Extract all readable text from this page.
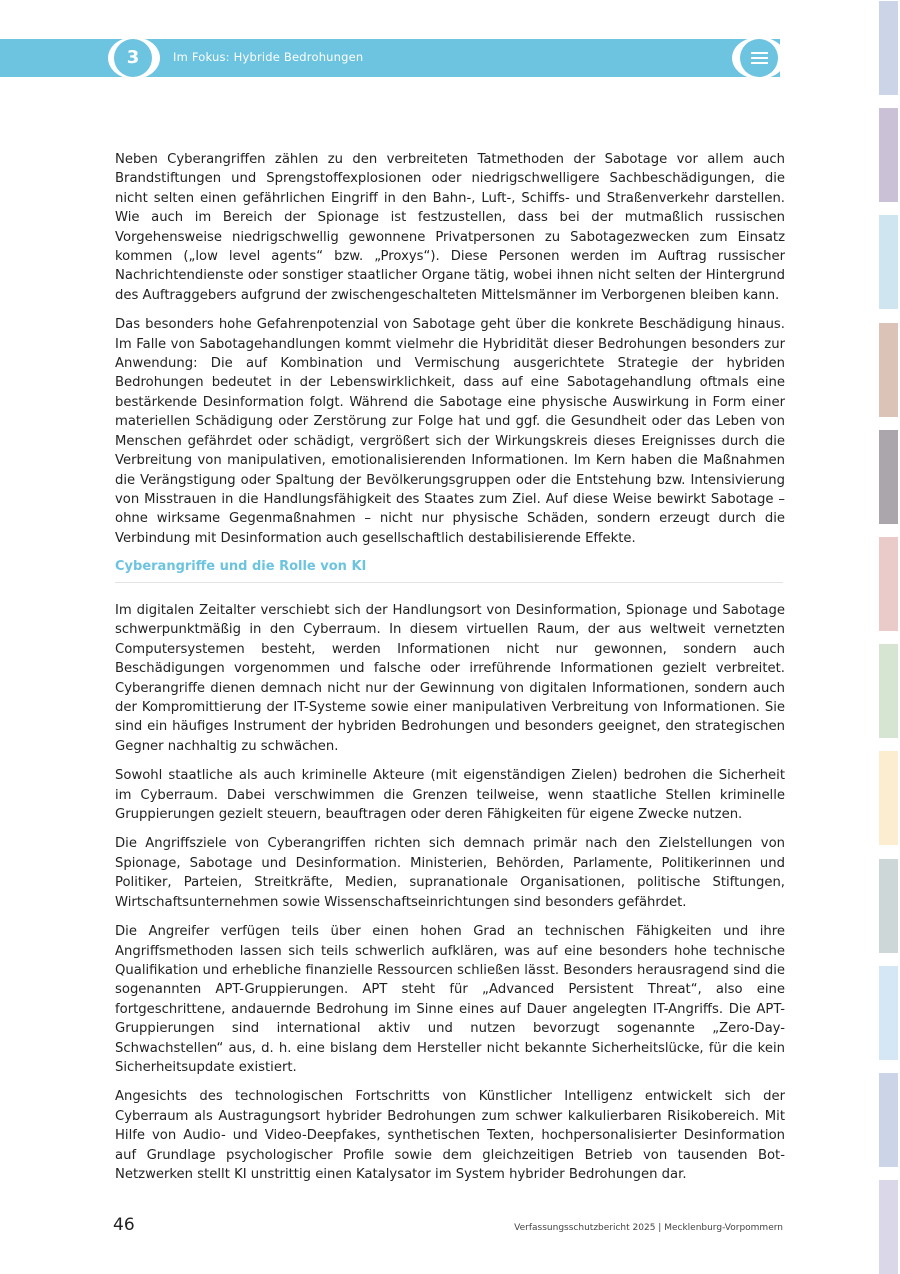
3	Im Fokus: Hybride Bedrohungen

Neben Cyberangriffen zählen zu den verbreiteten Tatmethoden der Sabotage vor allem auch Brandstiftungen und Sprengstoffexplosionen oder niedrigschwelligere Sachbeschädigungen, die nicht selten einen gefährlichen Eingriff in den Bahn-, Luft-, Schiffs- und Straßenverkehr darstellen. Wie auch im Bereich der Spionage ist festzustellen, dass bei der mutmaßlich russischen Vorgehensweise niedrigschwellig gewonnene Privatpersonen zu Sabotagezwecken zum Einsatz kommen („low level agents“ bzw. „Proxys“). Diese Personen werden im Auftrag russischer Nachrichtendienste oder sonstiger staatlicher Organe tätig, wobei ihnen nicht selten der Hintergrund des Auftraggebers aufgrund der zwischengeschalteten Mittelsmänner im Verborgenen bleiben kann.

Das besonders hohe Gefahrenpotenzial von Sabotage geht über die konkrete Beschädigung hinaus. Im Falle von Sabotagehandlungen kommt vielmehr die Hybridität dieser Bedrohungen besonders zur Anwendung: Die auf Kombination und Vermischung ausgerichtete Strategie der hybriden Bedrohungen bedeutet in der Lebenswirklichkeit, dass auf eine Sabotagehandlung oftmals eine bestärkende Desinformation folgt. Während die Sabotage eine physische Auswirkung in Form einer materiellen Schädigung oder Zerstörung zur Folge hat und ggf. die Gesundheit oder das Leben von Menschen gefährdet oder schädigt, vergrößert sich der Wirkungskreis dieses Ereignisses durch die Verbreitung von manipulativen, emotionalisierenden Informationen. Im Kern haben die Maßnahmen die Verängstigung oder Spaltung der Bevölkerungsgruppen oder die Entstehung bzw. Intensivierung von Misstrauen in die Handlungsfähigkeit des Staates zum Ziel. Auf diese Weise bewirkt Sabotage – ohne wirksame Gegenmaßnahmen – nicht nur physische Schäden, sondern erzeugt durch die Verbindung mit Desinformation auch gesellschaftlich destabilisierende Effekte.

Cyberangriffe und die Rolle von KI

Im digitalen Zeitalter verschiebt sich der Handlungsort von Desinformation, Spionage und Sabotage schwerpunktmäßig in den Cyberraum. In diesem virtuellen Raum, der aus weltweit vernetzten Computersystemen besteht, werden Informationen nicht nur gewonnen, sondern auch Beschädigungen vorgenommen und falsche oder irreführende Informationen gezielt verbreitet. Cyberangriffe dienen demnach nicht nur der Gewinnung von digitalen Informationen, sondern auch der Kompromittierung der IT-Systeme sowie einer manipulativen Verbreitung von Informationen. Sie sind ein häufiges Instrument der hybriden Bedrohungen und besonders geeignet, den strategischen Gegner nachhaltig zu schwächen.

Sowohl staatliche als auch kriminelle Akteure (mit eigenständigen Zielen) bedrohen die Sicherheit im Cyberraum. Dabei verschwimmen die Grenzen teilweise, wenn staatliche Stellen kriminelle Gruppierungen gezielt steuern, beauftragen oder deren Fähigkeiten für eigene Zwecke nutzen.

Die Angriffsziele von Cyberangriffen richten sich demnach primär nach den Zielstellungen von Spionage, Sabotage und Desinformation. Ministerien, Behörden, Parlamente, Politikerinnen und Politiker, Parteien, Streitkräfte, Medien, supranationale Organisationen, politische Stiftungen, Wirtschaftsunternehmen sowie Wissenschaftseinrichtungen sind besonders gefährdet.

Die Angreifer verfügen teils über einen hohen Grad an technischen Fähigkeiten und ihre Angriffsmethoden lassen sich teils schwerlich aufklären, was auf eine besonders hohe technische Qualifikation und erhebliche finanzielle Ressourcen schließen lässt. Besonders herausragend sind die sogenannten APT-Gruppierungen. APT steht für „Advanced Persistent Threat“, also eine fortgeschrittene, andauernde Bedrohung im Sinne eines auf Dauer angelegten IT-Angriffs. Die APT-Gruppierungen sind international aktiv und nutzen bevorzugt sogenannte „Zero-Day-Schwachstellen“ aus, d. h. eine bislang dem Hersteller nicht bekannte Sicherheitslücke, für die kein Sicherheitsupdate existiert.

Angesichts des technologischen Fortschritts von Künstlicher Intelligenz entwickelt sich der Cyberraum als Austragungsort hybrider Bedrohungen zum schwer kalkulierbaren Risikobereich. Mit Hilfe von Audio- und Video-Deepfakes, synthetischen Texten, hochpersonalisierter Desinformation auf Grundlage psychologischer Profile sowie dem gleichzeitigen Betrieb von tausenden Bot-Netzwerken stellt KI unstrittig einen Katalysator im System hybrider Bedrohungen dar.

46	Verfassungsschutzbericht 2025 | Mecklenburg-Vorpommern
